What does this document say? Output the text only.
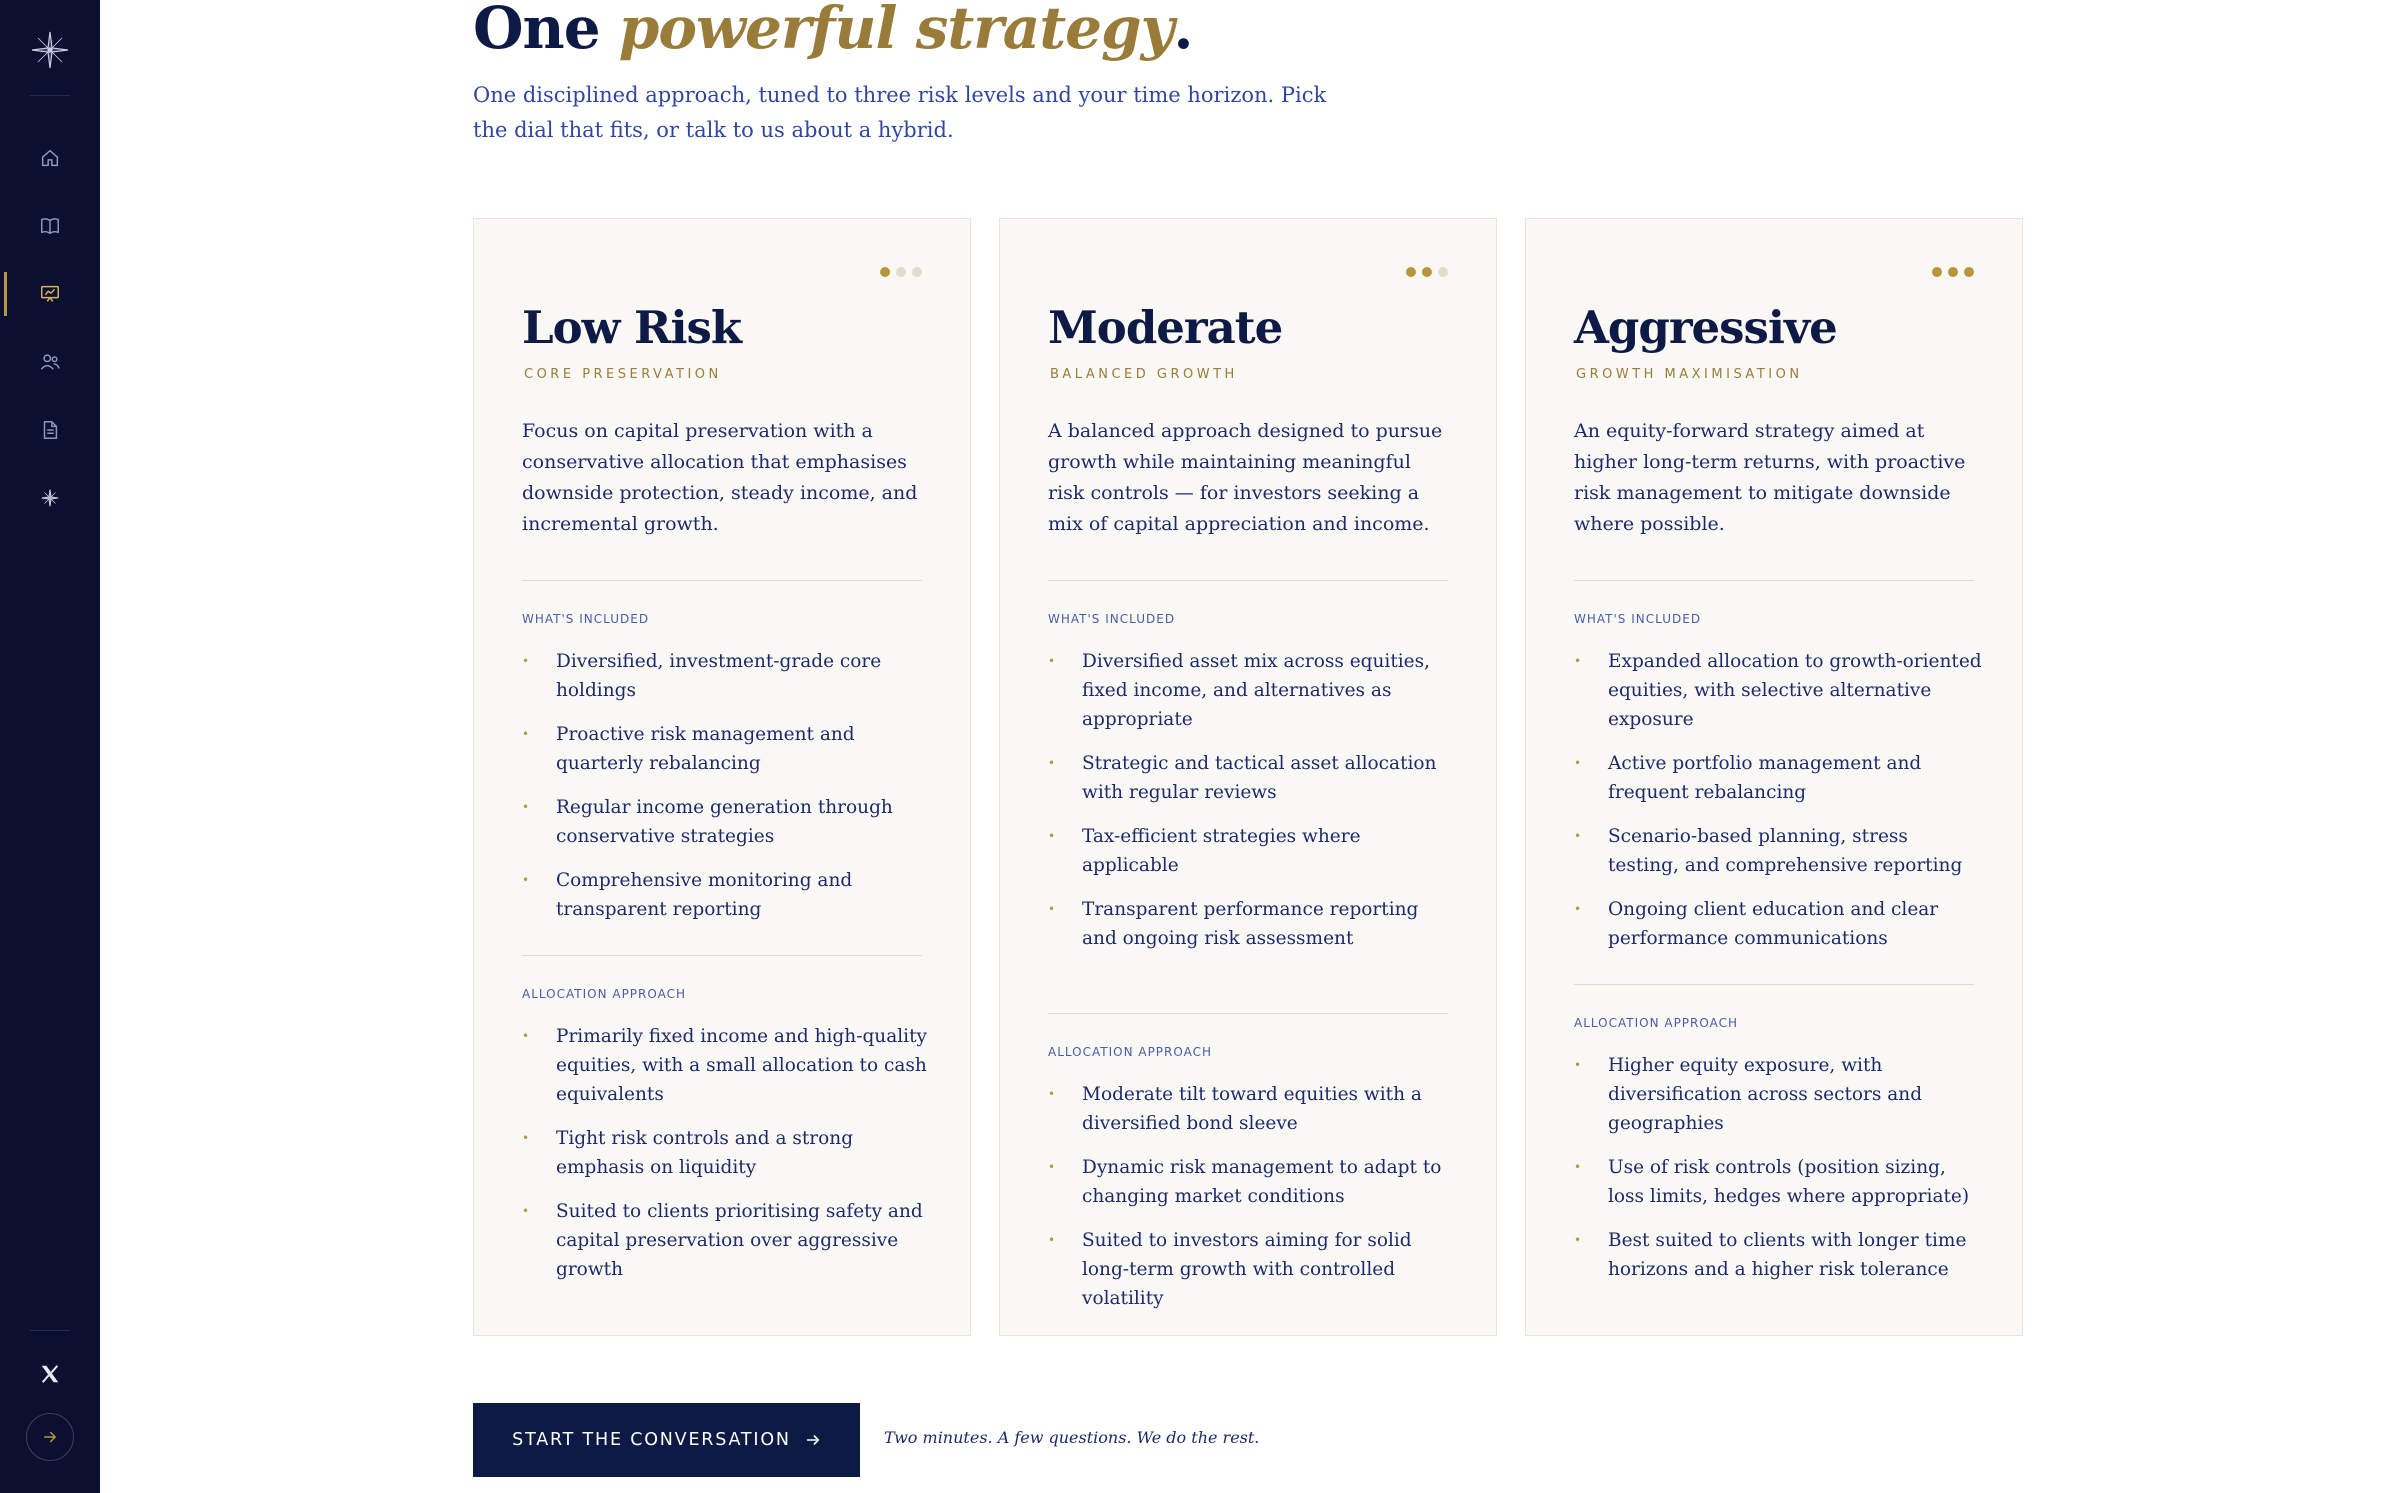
One powerful strategy.

One disciplined approach, tuned to three risk levels and your time horizon. Pick the dial that fits, or talk to us about a hybrid.

Low Risk
CORE PRESERVATION

Focus on capital preservation with a conservative allocation that emphasises downside protection, steady income, and incremental growth.

WHAT'S INCLUDED
• Diversified, investment-grade core holdings
• Proactive risk management and quarterly rebalancing
• Regular income generation through conservative strategies
• Comprehensive monitoring and transparent reporting
ALLOCATION APPROACH
• Primarily fixed income and high-quality equities, with a small allocation to cash equivalents
• Tight risk controls and a strong emphasis on liquidity
• Suited to clients prioritising safety and capital preservation over aggressive growth
Moderate
BALANCED GROWTH

A balanced approach designed to pursue growth while maintaining meaningful risk controls — for investors seeking a mix of capital appreciation and income.

WHAT'S INCLUDED
• Diversified asset mix across equities, fixed income, and alternatives as appropriate
• Strategic and tactical asset allocation with regular reviews
• Tax-efficient strategies where applicable
• Transparent performance reporting and ongoing risk assessment
ALLOCATION APPROACH
• Moderate tilt toward equities with a diversified bond sleeve
• Dynamic risk management to adapt to changing market conditions
• Suited to investors aiming for solid long-term growth with controlled volatility
Aggressive
GROWTH MAXIMISATION

An equity-forward strategy aimed at higher long-term returns, with proactive risk management to mitigate downside where possible.

WHAT'S INCLUDED
• Expanded allocation to growth-oriented equities, with selective alternative exposure
• Active portfolio management and frequent rebalancing
• Scenario-based planning, stress testing, and comprehensive reporting
• Ongoing client education and clear performance communications
ALLOCATION APPROACH
• Higher equity exposure, with diversification across sectors and geographies
• Use of risk controls (position sizing, loss limits, hedges where appropriate)
• Best suited to clients with longer time horizons and a higher risk tolerance
START THE CONVERSATION	Two minutes. A few questions. We do the rest.
